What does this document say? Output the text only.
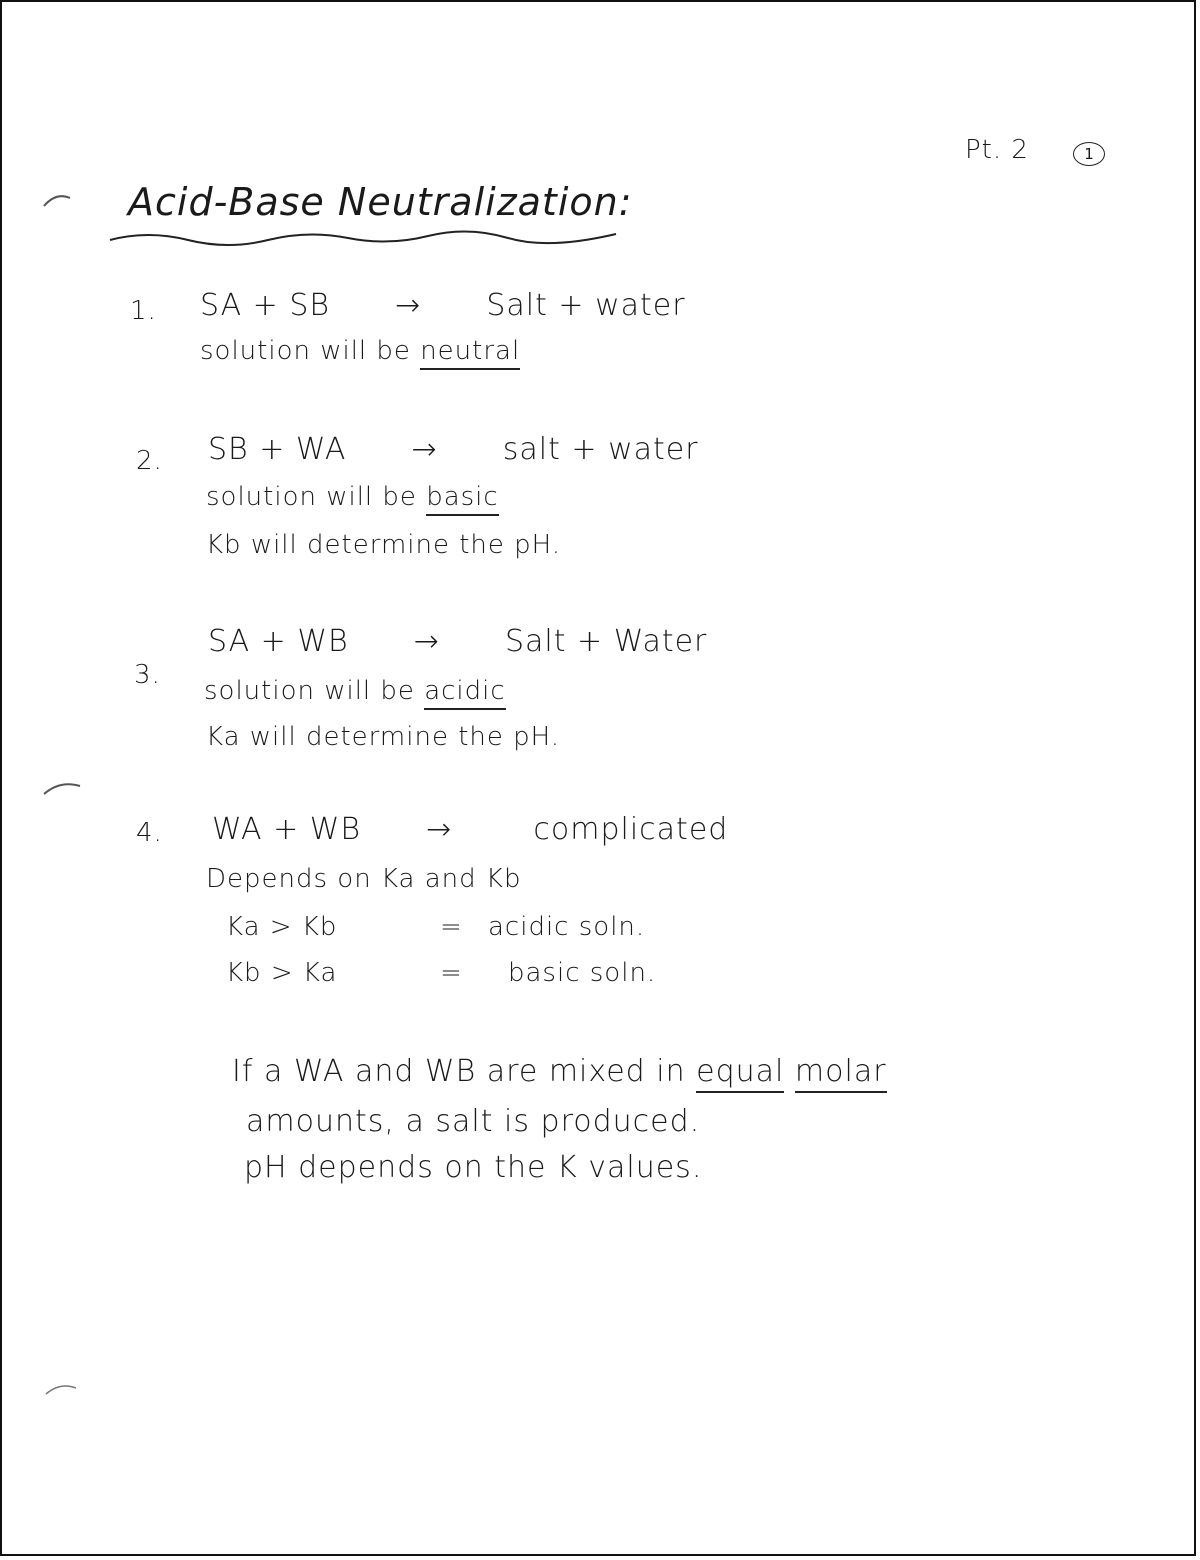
Pt. 2	1
Acid-Base Neutralization:
1. SA + SB → Salt + water
solution will be neutral
2. SB + WA → salt + water
solution will be basic
Kb will determine the pH.
3.
SA + WB → Salt + Water
solution will be acidic
Ka will determine the pH.
4. WA + WB →	complicated
Depends on Ka and Kb
Ka > Kb	= acidic soln.
Kb > Ka	= basic soln.
If a WA and WB are mixed in equal molar
amounts, a salt is produced.
pH depends on the K values.
